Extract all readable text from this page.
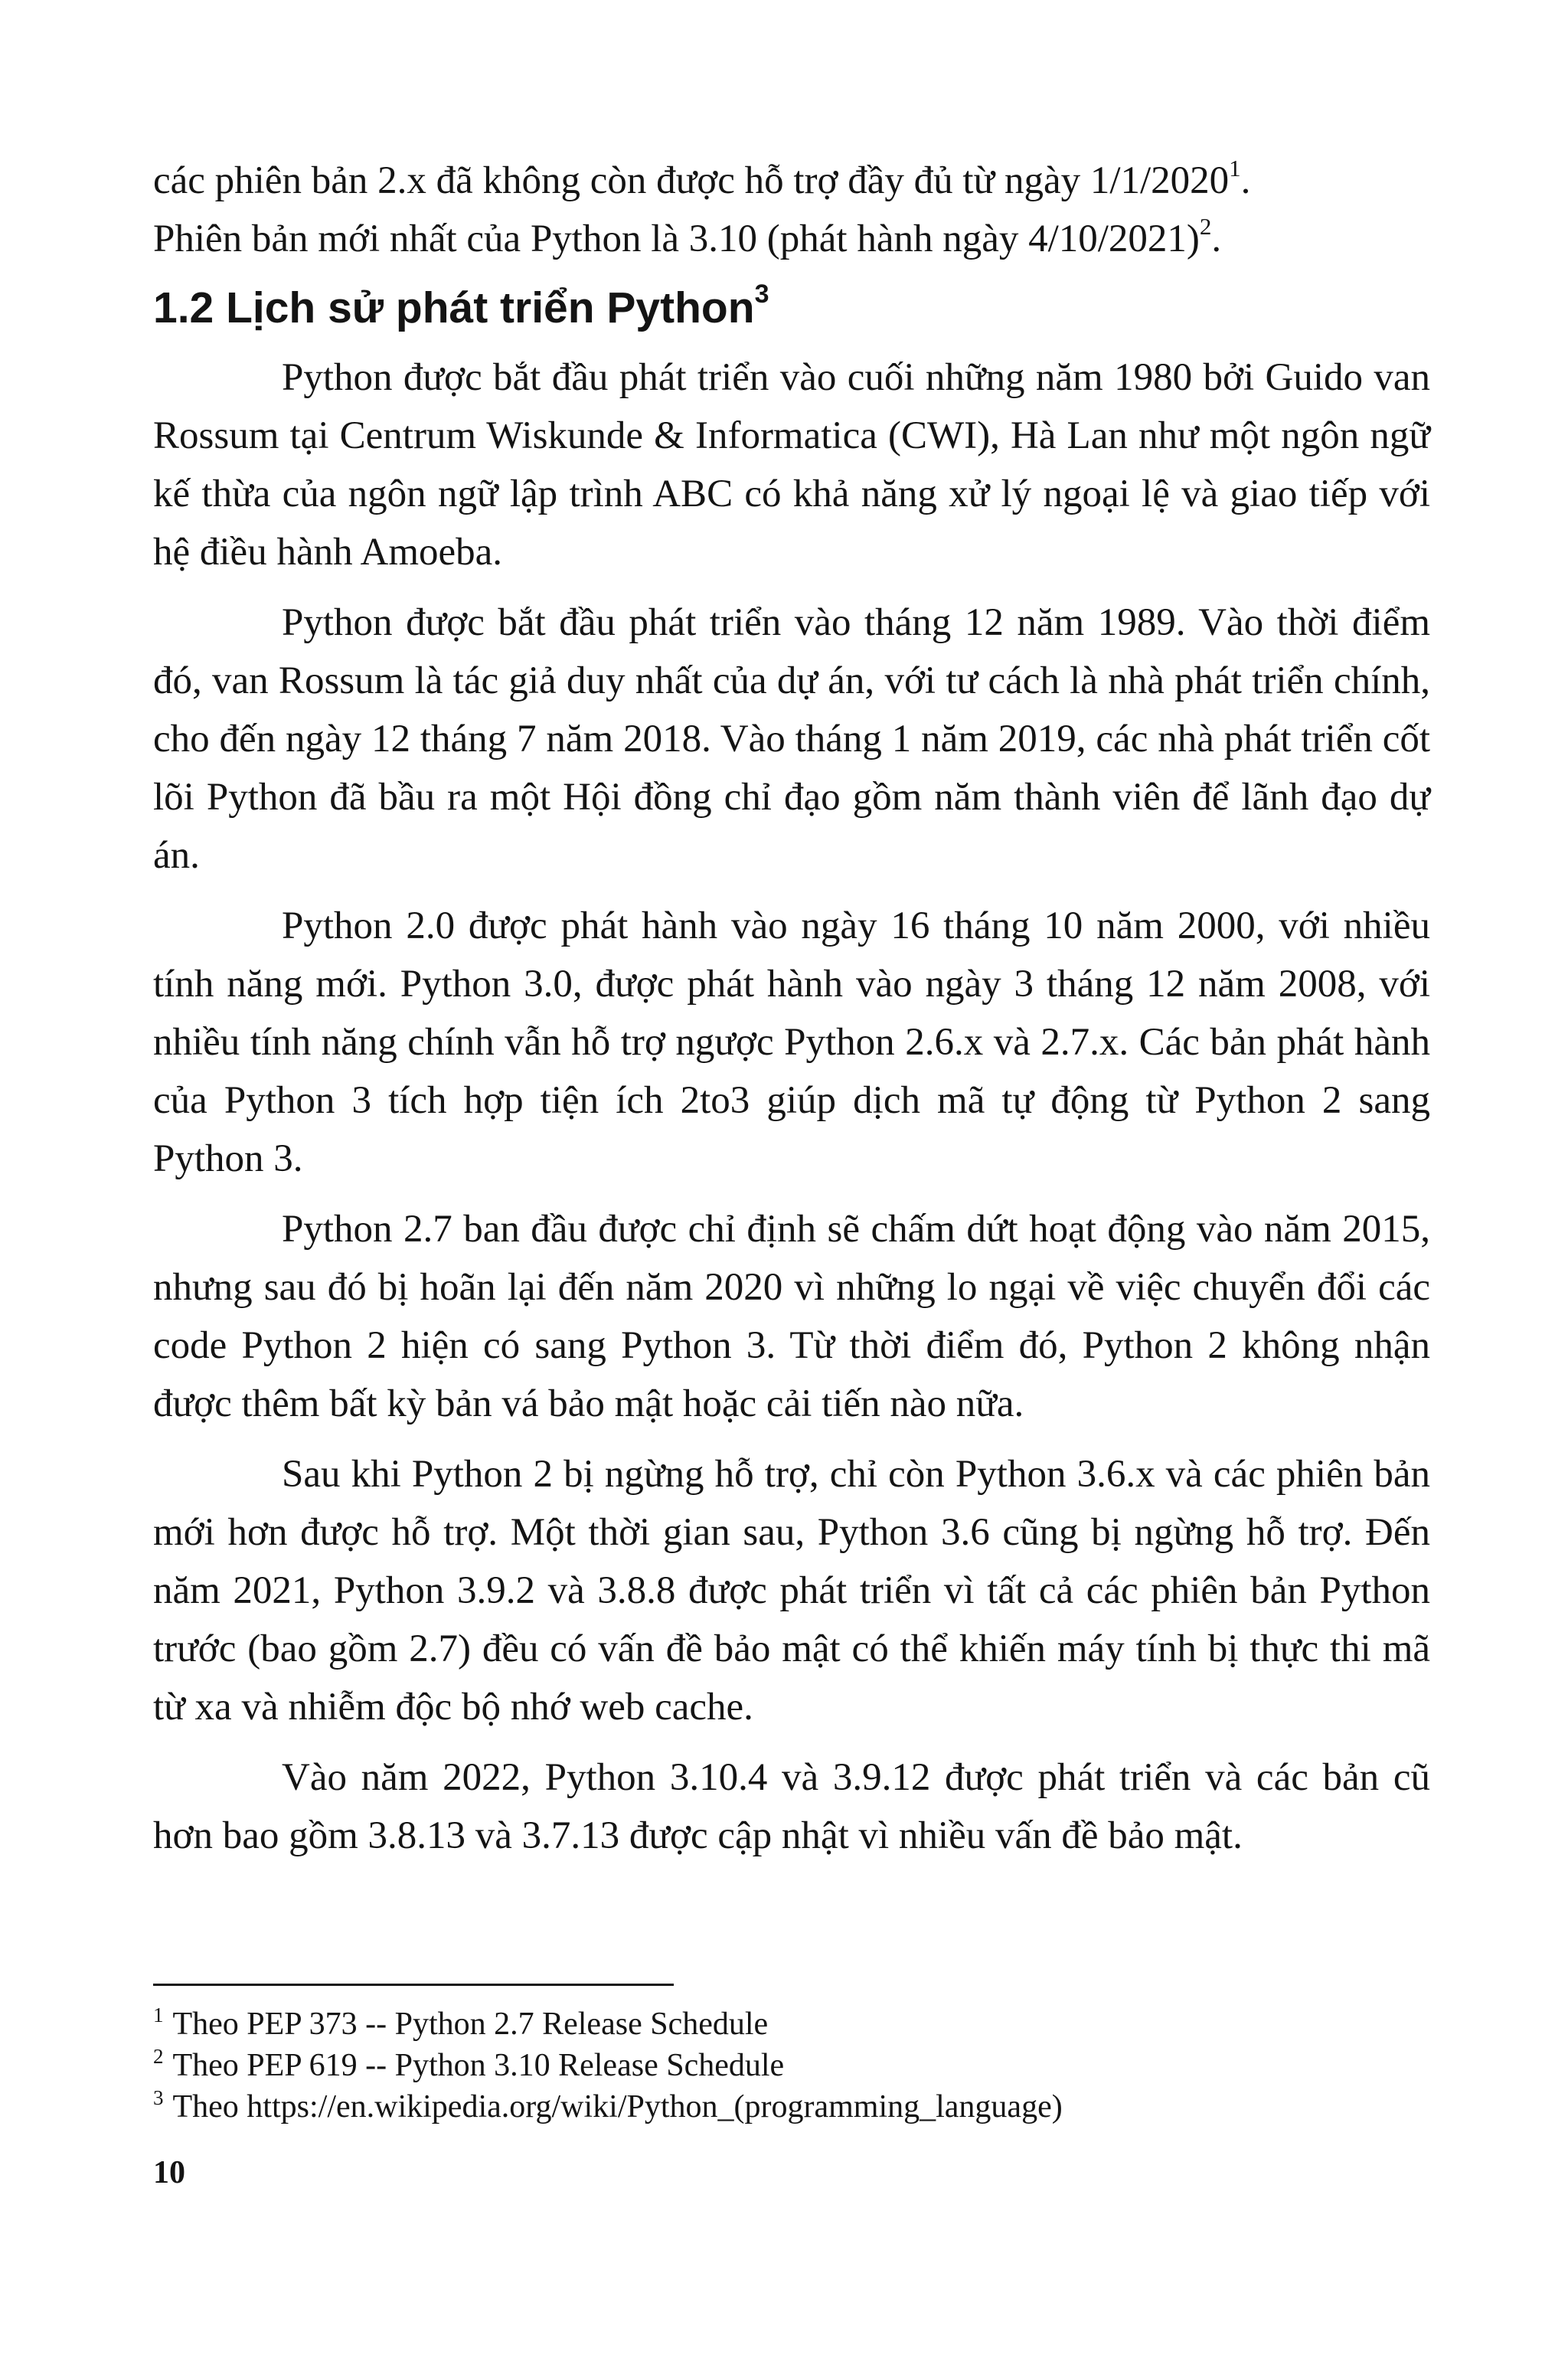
các phiên bản 2.x đã không còn được hỗ trợ đầy đủ từ ngày 1/1/2020$^1$.

Phiên bản mới nhất của Python là 3.10 (phát hành ngày 4/10/2021)$^2$.

1.2 Lịch sử phát triển Python$^3$

Python được bắt đầu phát triển vào cuối những năm 1980 bởi Guido van Rossum tại Centrum Wiskunde & Informatica (CWI), Hà Lan như một ngôn ngữ kế thừa của ngôn ngữ lập trình ABC có khả năng xử lý ngoại lệ và giao tiếp với hệ điều hành Amoeba.

Python được bắt đầu phát triển vào tháng 12 năm 1989. Vào thời điểm đó, van Rossum là tác giả duy nhất của dự án, với tư cách là nhà phát triển chính, cho đến ngày 12 tháng 7 năm 2018. Vào tháng 1 năm 2019, các nhà phát triển cốt lõi Python đã bầu ra một Hội đồng chỉ đạo gồm năm thành viên để lãnh đạo dự án.

Python 2.0 được phát hành vào ngày 16 tháng 10 năm 2000, với nhiều tính năng mới. Python 3.0, được phát hành vào ngày 3 tháng 12 năm 2008, với nhiều tính năng chính vẫn hỗ trợ ngược Python 2.6.x và 2.7.x. Các bản phát hành của Python 3 tích hợp tiện ích 2to3 giúp dịch mã tự động từ Python 2 sang Python 3.

Python 2.7 ban đầu được chỉ định sẽ chấm dứt hoạt động vào năm 2015, nhưng sau đó bị hoãn lại đến năm 2020 vì những lo ngại về việc chuyển đổi các code Python 2 hiện có sang Python 3. Từ thời điểm đó, Python 2 không nhận được thêm bất kỳ bản vá bảo mật hoặc cải tiến nào nữa.

Sau khi Python 2 bị ngừng hỗ trợ, chỉ còn Python 3.6.x và các phiên bản mới hơn được hỗ trợ. Một thời gian sau, Python 3.6 cũng bị ngừng hỗ trợ. Đến năm 2021, Python 3.9.2 và 3.8.8 được phát triển vì tất cả các phiên bản Python trước (bao gồm 2.7) đều có vấn đề bảo mật có thể khiến máy tính bị thực thi mã từ xa và nhiễm độc bộ nhớ web cache.

Vào năm 2022, Python 3.10.4 và 3.9.12 được phát triển và các bản cũ hơn bao gồm 3.8.13 và 3.7.13 được cập nhật vì nhiều vấn đề bảo mật.

$^1$ Theo PEP 373 -- Python 2.7 Release Schedule
$^2$ Theo PEP 619 -- Python 3.10 Release Schedule
$^3$ Theo https://en.wikipedia.org/wiki/Python_(programming_language)
10
